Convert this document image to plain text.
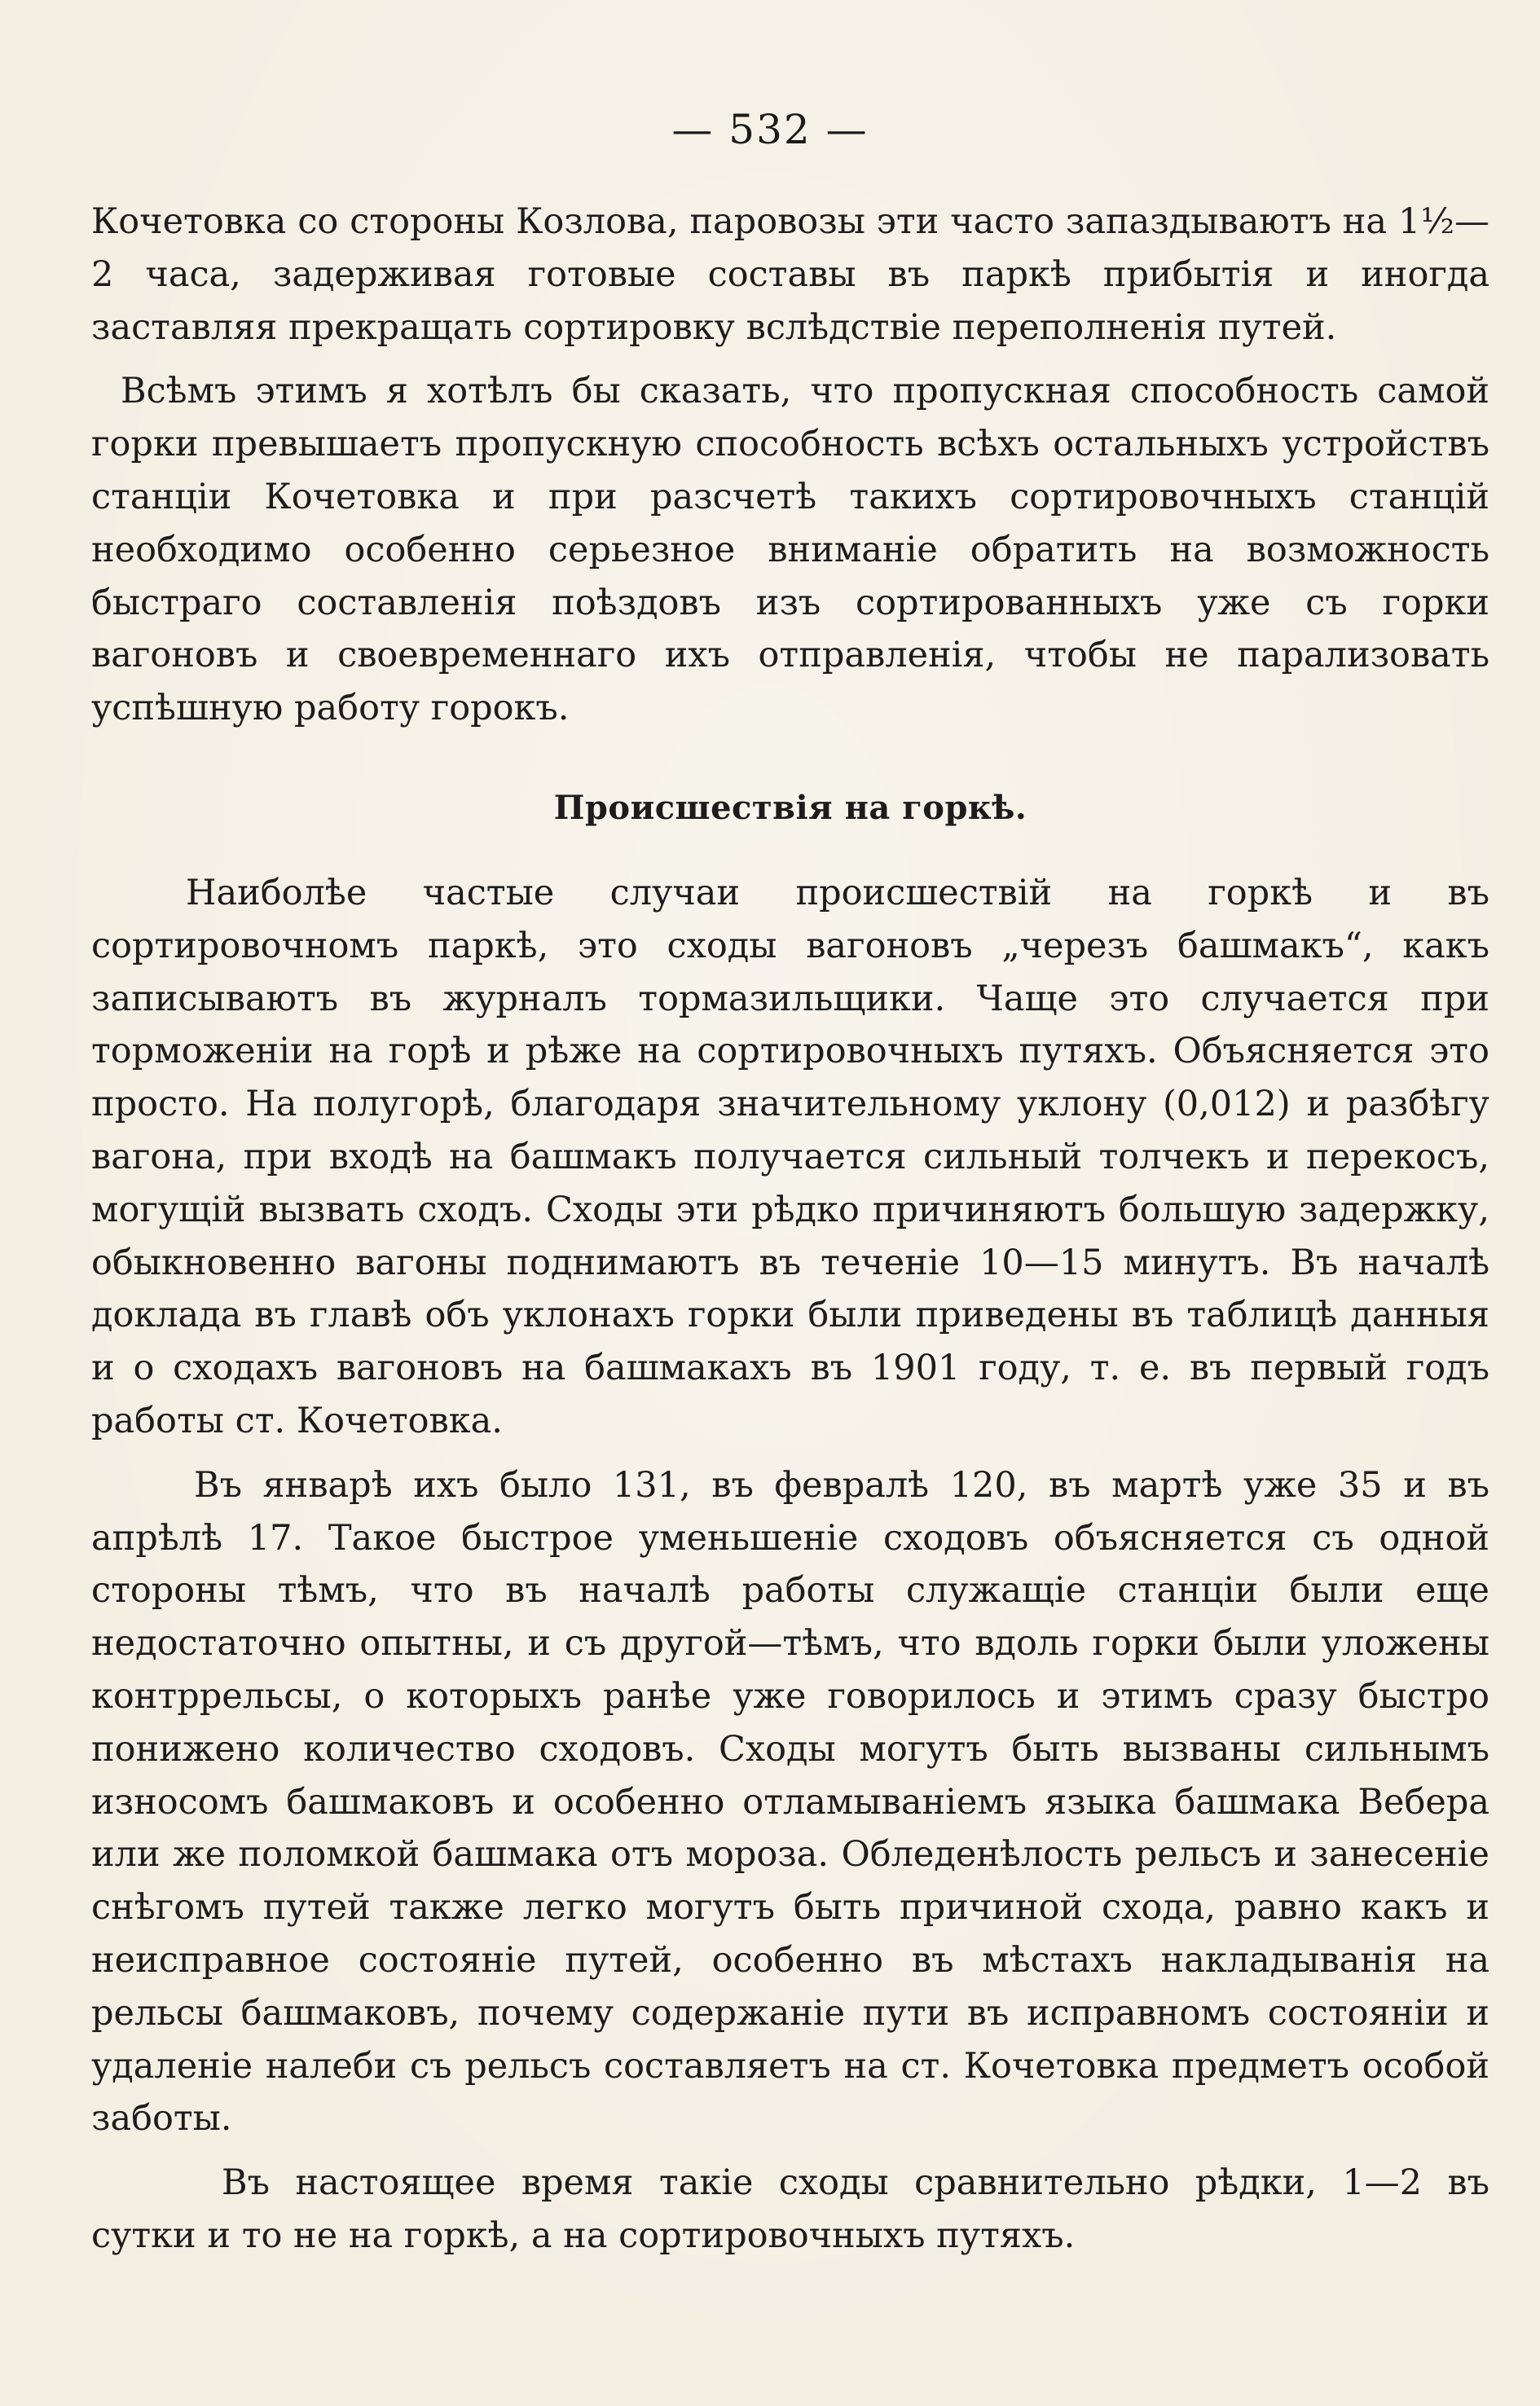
— 532 —

Кочетовка со стороны Козлова, паровозы эти часто запаздываютъ на 1½—2 часа, задерживая готовые составы въ паркѣ прибытія и иногда заставляя прекращать сортировку вслѣдствіе переполненія путей.

Всѣмъ этимъ я хотѣлъ бы сказать, что пропускная способность самой горки превышаетъ пропускную способность всѣхъ остальныхъ устройствъ станціи Кочетовка и при разсчетѣ такихъ сортировочныхъ станцій необходимо особенно серьезное вниманіе обратить на возможность быстраго составленія поѣздовъ изъ сортированныхъ уже съ горки вагоновъ и своевременнаго ихъ отправленія, чтобы не парализовать успѣшную работу горокъ.

Происшествія на горкѣ.

Наиболѣе частые случаи происшествій на горкѣ и въ сортировочномъ паркѣ, это сходы вагоновъ „черезъ башмакъ“, какъ записываютъ въ журналъ тормазильщики. Чаще это случается при торможеніи на горѣ и рѣже на сортировочныхъ путяхъ. Объясняется это просто. На полугорѣ, благодаря значительному уклону (0,012) и разбѣгу вагона, при входѣ на башмакъ получается сильный толчекъ и перекосъ, могущій вызвать сходъ. Сходы эти рѣдко причиняютъ большую задержку, обыкновенно вагоны поднимаютъ въ теченіе 10—15 минутъ. Въ началѣ доклада въ главѣ объ уклонахъ горки были приведены въ таблицѣ данныя и о сходахъ вагоновъ на башмакахъ въ 1901 году, т. е. въ первый годъ работы ст. Кочетовка.

Въ январѣ ихъ было 131, въ февралѣ 120, въ мартѣ уже 35 и въ апрѣлѣ 17. Такое быстрое уменьшеніе сходовъ объясняется съ одной стороны тѣмъ, что въ началѣ работы служащіе станціи были еще недостаточно опытны, и съ другой—тѣмъ, что вдоль горки были уложены контррельсы, о которыхъ ранѣе уже говорилось и этимъ сразу быстро понижено количество сходовъ. Сходы могутъ быть вызваны сильнымъ износомъ башмаковъ и особенно отламываніемъ языка башмака Вебера или же поломкой башмака отъ мороза. Обледенѣлость рельсъ и занесеніе снѣгомъ путей также легко могутъ быть причиной схода, равно какъ и неисправное состояніе путей, особенно въ мѣстахъ накладыванія на рельсы башмаковъ, почему содержаніе пути въ исправномъ состояніи и удаленіе налеби съ рельсъ составляетъ на ст. Кочетовка предметъ особой заботы.

Въ настоящее время такіе сходы сравнительно рѣдки, 1—2 въ сутки и то не на горкѣ, а на сортировочныхъ путяхъ.
